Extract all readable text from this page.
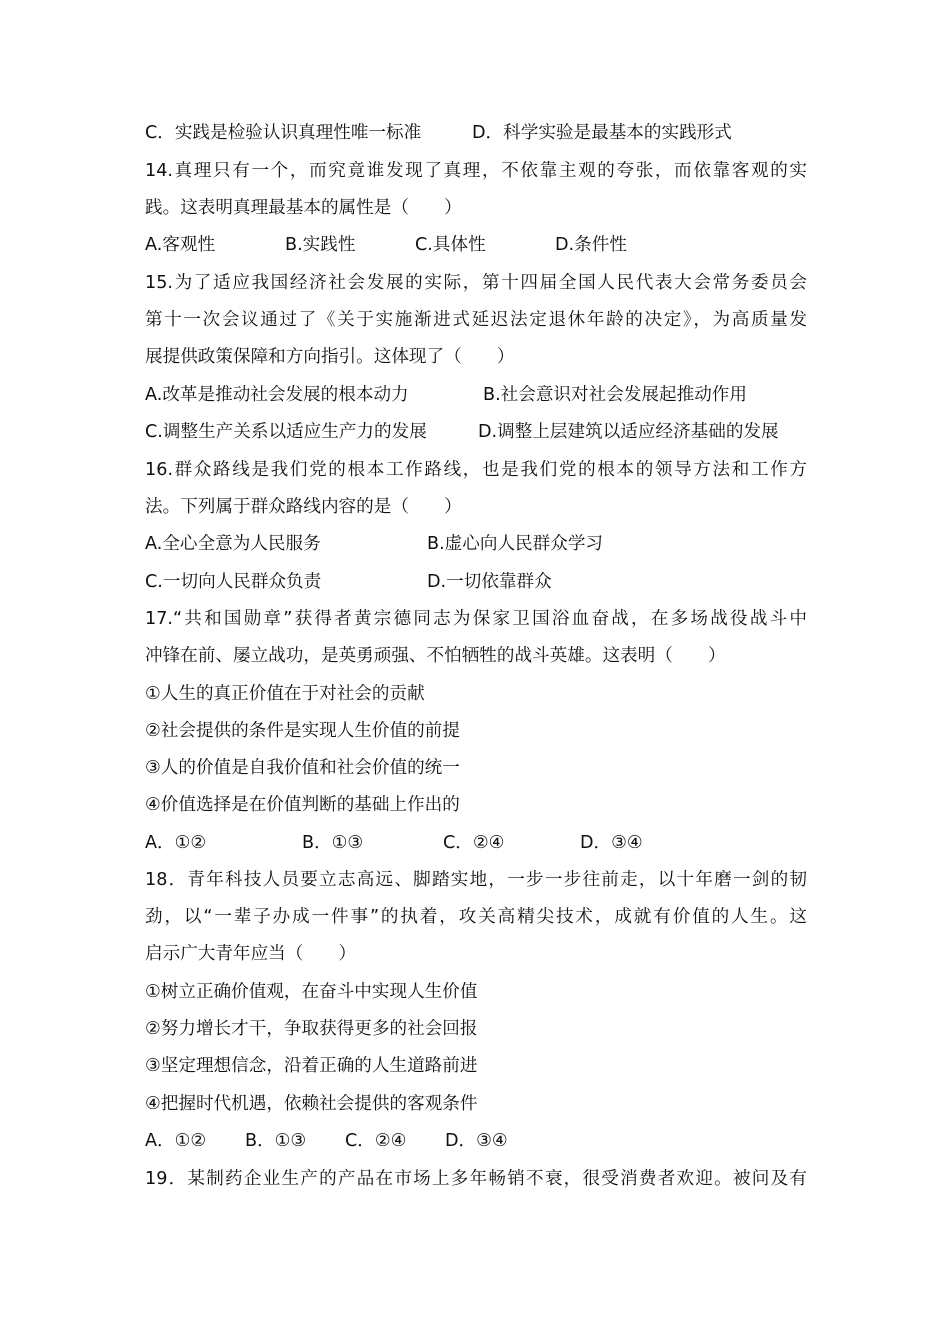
C．实践是检验认识真理性唯一标准	D．科学实验是最基本的实践形式
14.真理只有一个，而究竟谁发现了真理，不依靠主观的夸张，而依靠客观的实
践。这表明真理最基本的属性是（　　）
A.客观性	B.实践性	C.具体性	D.条件性
15.为了适应我国经济社会发展的实际，第十四届全国人民代表大会常务委员会
第十一次会议通过了《关于实施渐进式延迟法定退休年龄的决定》，为高质量发
展提供政策保障和方向指引。这体现了（　　）
A.改革是推动社会发展的根本动力	B.社会意识对社会发展起推动作用
C.调整生产关系以适应生产力的发展	D.调整上层建筑以适应经济基础的发展
16.群众路线是我们党的根本工作路线，也是我们党的根本的领导方法和工作方
法。下列属于群众路线内容的是（　　）
A.全心全意为人民服务	B.虚心向人民群众学习
C.一切向人民群众负责	D.一切依靠群众
17.“共和国勋章”获得者黄宗德同志为保家卫国浴血奋战，在多场战役战斗中
冲锋在前、屡立战功，是英勇顽强、不怕牺牲的战斗英雄。这表明（　　）
①人生的真正价值在于对社会的贡献
②社会提供的条件是实现人生价值的前提
③人的价值是自我价值和社会价值的统一
④价值选择是在价值判断的基础上作出的
A．①②	B．①③	C．②④	D．③④
18．青年科技人员要立志高远、脚踏实地，一步一步往前走，以十年磨一剑的韧
劲，以“一辈子办成一件事”的执着，攻关高精尖技术，成就有价值的人生。这
启示广大青年应当（　　）
①树立正确价值观，在奋斗中实现人生价值
②努力增长才干，争取获得更多的社会回报
③坚定理想信念，沿着正确的人生道路前进
④把握时代机遇，依赖社会提供的客观条件
A．①② B．①③ C．②④ D．③④
19．某制药企业生产的产品在市场上多年畅销不衰，很受消费者欢迎。被问及有
